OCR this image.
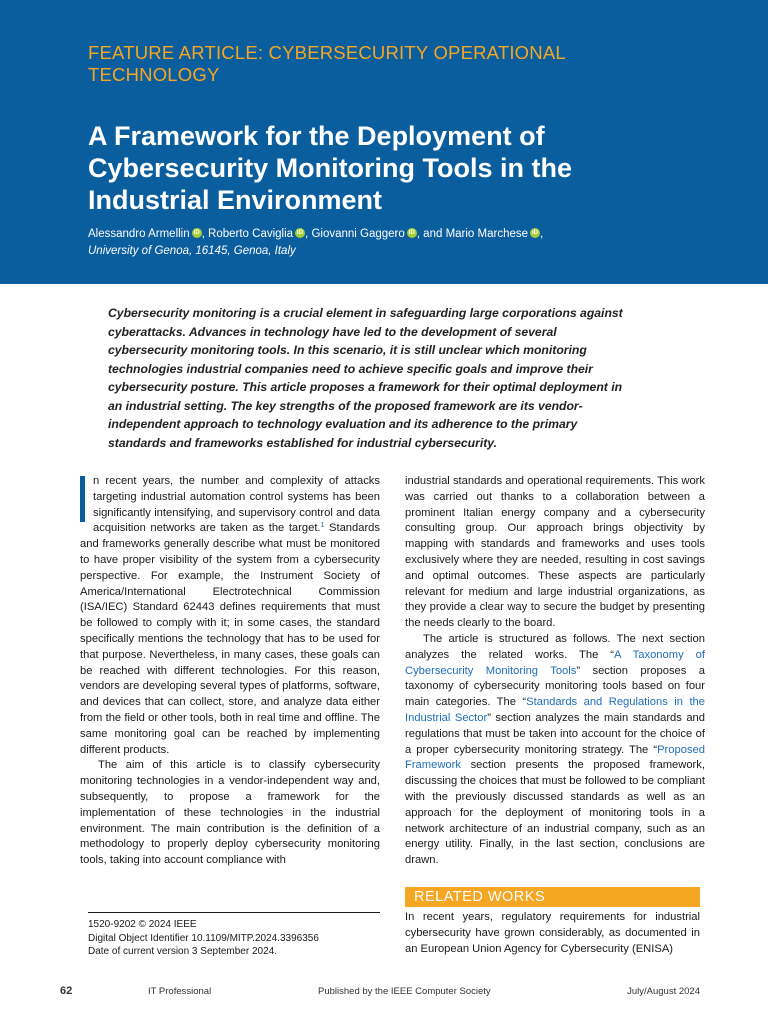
FEATURE ARTICLE: CYBERSECURITY OPERATIONAL
TECHNOLOGY
A Framework for the Deployment of
Cybersecurity Monitoring Tools in the
Industrial Environment
Alessandro Armellin iD , Roberto Caviglia iD , Giovanni Gaggero iD , and Mario Marchese iD ,
University of Genoa, 16145, Genoa, Italy
Cybersecurity monitoring is a crucial element in safeguarding large corporations against cyberattacks. Advances in technology have led to the development of several cybersecurity monitoring tools. In this scenario, it is still unclear which monitoring technologies industrial companies need to achieve specific goals and improve their cybersecurity posture. This article proposes a framework for their optimal deployment in an industrial setting. The key strengths of the proposed framework are its vendor-independent approach to technology evaluation and its adherence to the primary standards and frameworks established for industrial cybersecurity.

n recent years, the number and complexity of attacks targeting industrial automation control systems has been significantly intensifying, and supervisory control and data acquisition networks are taken as the target.$^1$ Standards and frameworks generally describe what must be monitored to have proper visibility of the system from a cybersecurity perspective. For example, the Instrument Society of America/International Electrotechnical Commission (ISA/IEC) Standard 62443 defines requirements that must be followed to comply with it; in some cases, the standard specifically mentions the technology that has to be used for that purpose. Nevertheless, in many cases, these goals can be reached with different technologies. For this reason, vendors are developing several types of platforms, software, and devices that can collect, store, and analyze data either from the field or other tools, both in real time and offline. The same monitoring goal can be reached by implementing different products.

The aim of this article is to classify cybersecurity monitoring technologies in a vendor-independent way and, subsequently, to propose a framework for the implementation of these technologies in the industrial environment. The main contribution is the definition of a methodology to properly deploy cybersecurity monitoring tools, taking into account compliance with

industrial standards and operational requirements. This work was carried out thanks to a collaboration between a prominent Italian energy company and a cybersecurity consulting group. Our approach brings objectivity by mapping with standards and frameworks and uses tools exclusively where they are needed, resulting in cost savings and optimal outcomes. These aspects are particularly relevant for medium and large industrial organizations, as they provide a clear way to secure the budget by presenting the needs clearly to the board.

The article is structured as follows. The next section analyzes the related works. The “A Taxonomy of Cybersecurity Monitoring Tools” section proposes a taxonomy of cybersecurity monitoring tools based on four main categories. The “Standards and Regulations in the Industrial Sector” section analyzes the main standards and regulations that must be taken into account for the choice of a proper cybersecurity monitoring strategy. The “Proposed Framework section presents the proposed framework, discussing the choices that must be followed to be compliant with the previously discussed standards as well as an approach for the deployment of monitoring tools in a network architecture of an industrial company, such as an energy utility. Finally, in the last section, conclusions are drawn.

RELATED WORKS
In recent years, regulatory requirements for industrial cybersecurity have grown considerably, as documented in an European Union Agency for Cybersecurity (ENISA)
1520-9202 © 2024 IEEE
Digital Object Identifier 10.1109/MITP.2024.3396356
Date of current version 3 September 2024.
62	IT Professional	Published by the IEEE Computer Society	July/August 2024
